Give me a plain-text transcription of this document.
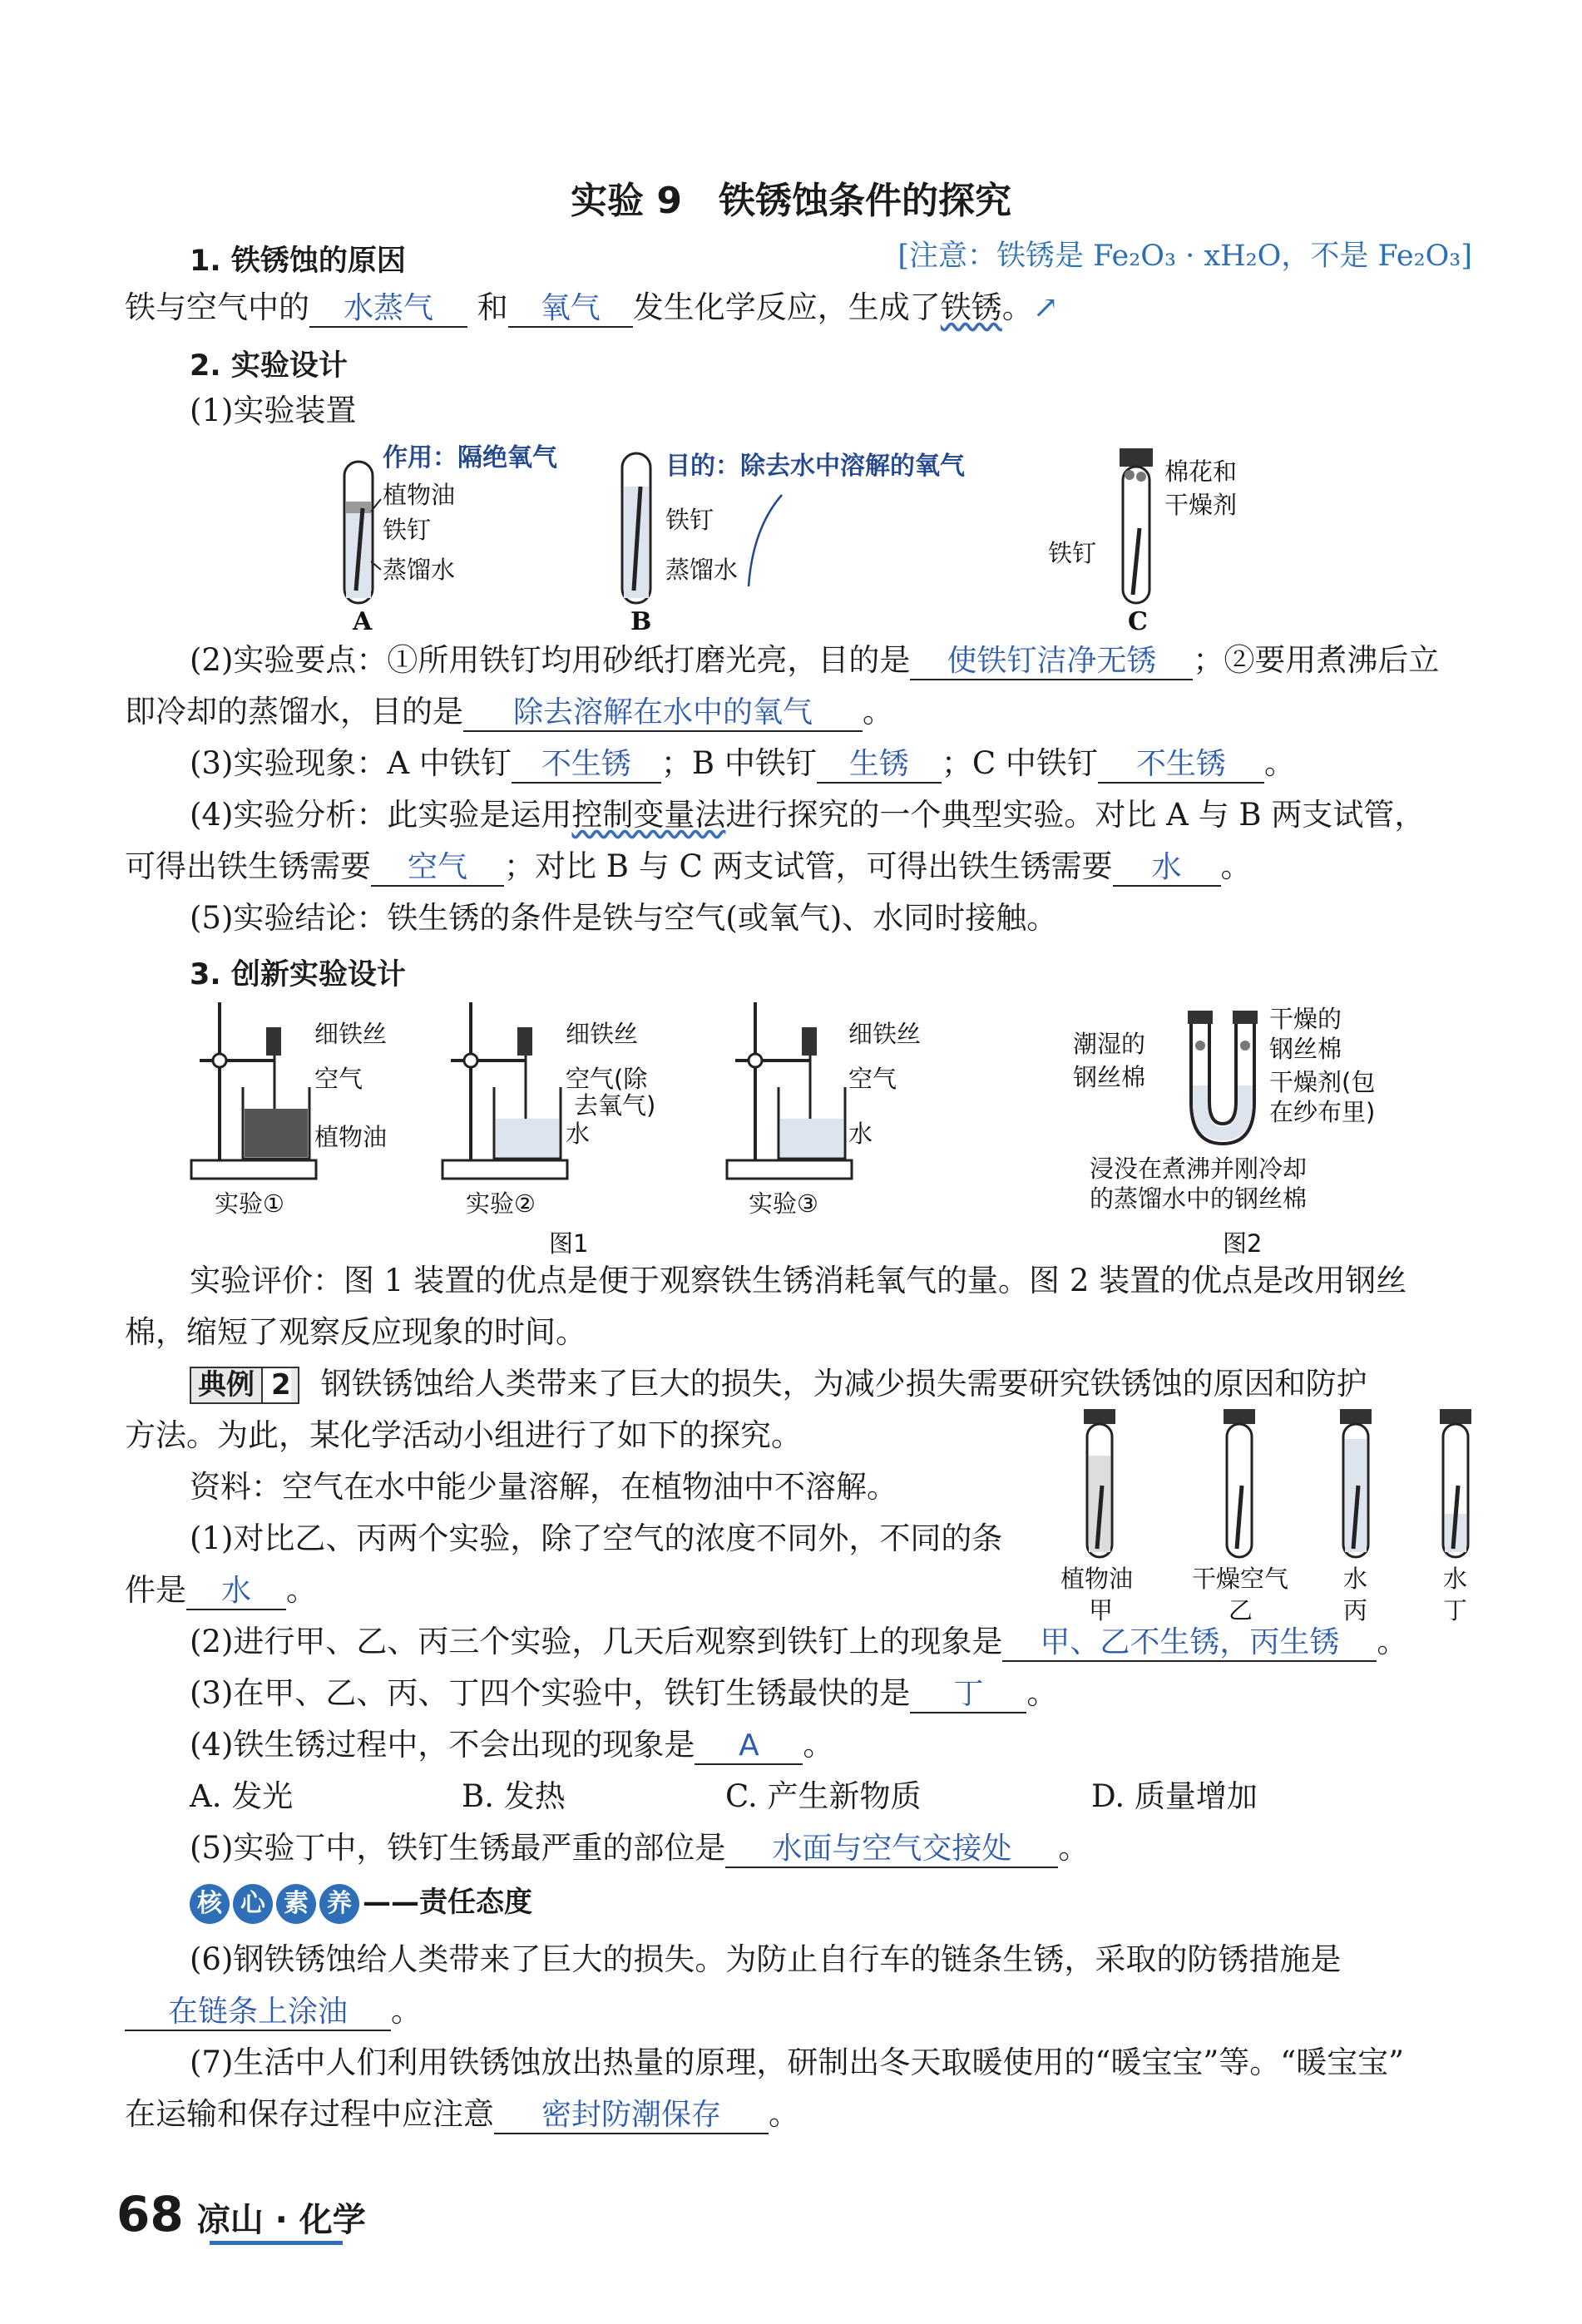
实验 9　铁锈蚀条件的探究
1. 铁锈蚀的原因	[注意：铁锈是 Fe₂O₃ · xH₂O，不是 Fe₂O₃]
铁与空气中的 水蒸气 和 氧气 发生化学反应，生成了铁锈。↗
2. 实验设计
(1)实验装置
作用：隔绝氧气
植物油
铁钉
蒸馏水
A
目的：除去水中溶解的氧气
铁钉
蒸馏水
B
棉花和
干燥剂
铁钉
C
(2)实验要点：①所用铁钉均用砂纸打磨光亮，目的是 使铁钉洁净无锈 ；②要用煮沸后立
即冷却的蒸馏水，目的是 除去溶解在水中的氧气 。
(3)实验现象：A 中铁钉 不生锈 ；B 中铁钉 生锈 ；C 中铁钉 不生锈 。
(4)实验分析：此实验是运用控制变量法进行探究的一个典型实验。对比 A 与 B 两支试管，
可得出铁生锈需要 空气 ；对比 B 与 C 两支试管，可得出铁生锈需要 水 。
(5)实验结论：铁生锈的条件是铁与空气(或氧气)、水同时接触。
3. 创新实验设计
细铁丝
空气
植物油
实验①
细铁丝
空气(除
去氧气)
水
实验②
细铁丝
空气
水
实验③
图1
潮湿的
钢丝棉
干燥的
钢丝棉
干燥剂(包
在纱布里)
浸没在煮沸并刚冷却
的蒸馏水中的钢丝棉
图2
实验评价：图 1 装置的优点是便于观察铁生锈消耗氧气的量。图 2 装置的优点是改用钢丝
棉，缩短了观察反应现象的时间。
典例 2 钢铁锈蚀给人类带来了巨大的损失，为减少损失需要研究铁锈蚀的原因和防护
方法。为此，某化学活动小组进行了如下的探究。
资料：空气在水中能少量溶解，在植物油中不溶解。
(1)对比乙、丙两个实验，除了空气的浓度不同外，不同的条
件是 水 。	植物油
甲
干燥空气
乙
水
丙
水
丁
(2)进行甲、乙、丙三个实验，几天后观察到铁钉上的现象是 甲、乙不生锈，丙生锈 。
(3)在甲、乙、丙、丁四个实验中，铁钉生锈最快的是 丁 。
(4)铁生锈过程中，不会出现的现象是 A 。
A. 发光	B. 发热	C. 产生新物质	D. 质量增加
(5)实验丁中，铁钉生锈最严重的部位是 水面与空气交接处 。
核 心 素 养 ——责任态度
(6)钢铁锈蚀给人类带来了巨大的损失。为防止自行车的链条生锈，采取的防锈措施是
在链条上涂油 。
(7)生活中人们利用铁锈蚀放出热量的原理，研制出冬天取暖使用的“暖宝宝”等。“暖宝宝”
在运输和保存过程中应注意 密封防潮保存 。
68 凉山 · 化学
